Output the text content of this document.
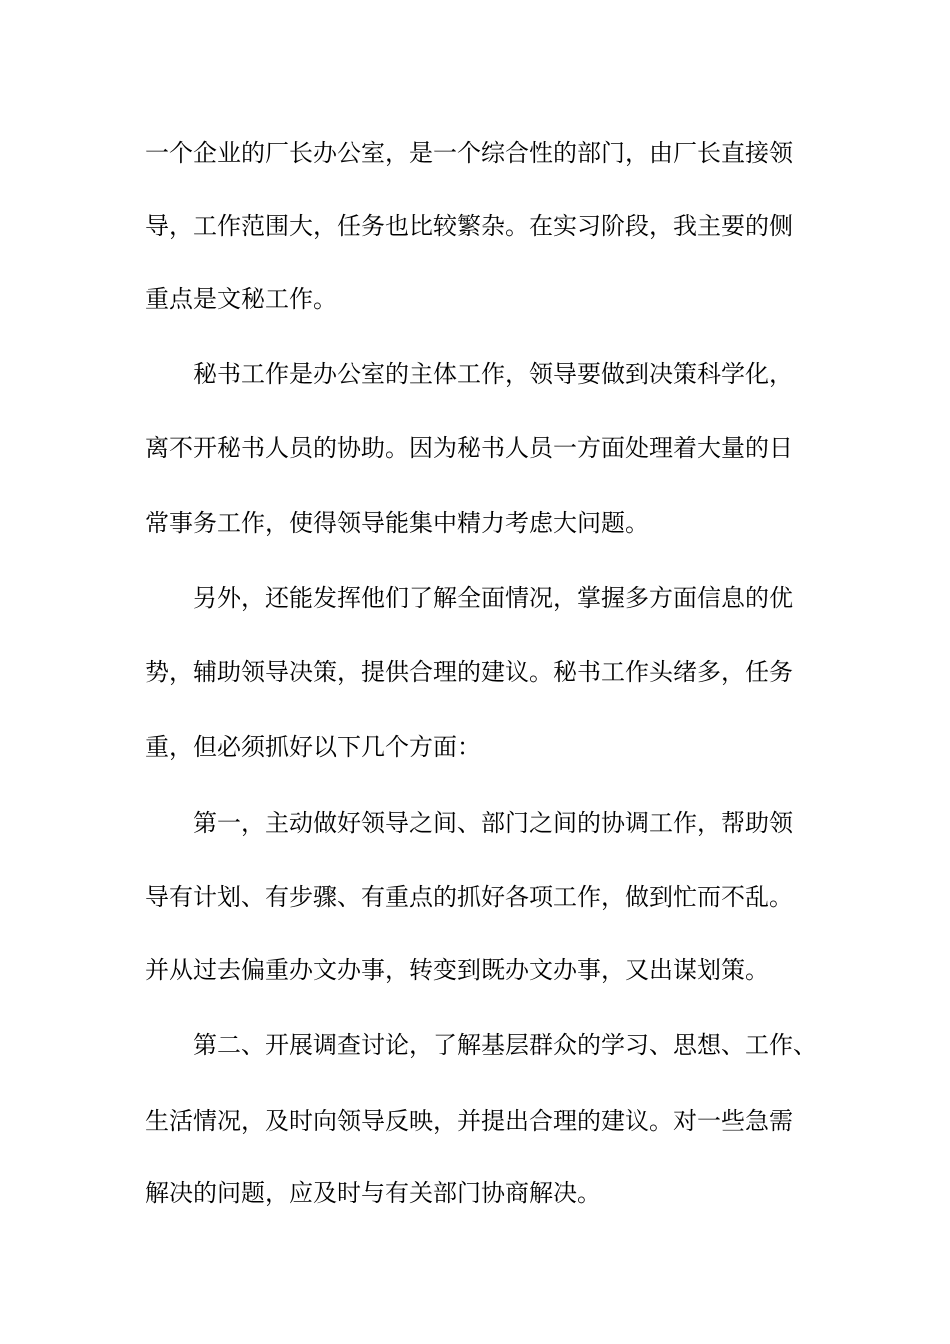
一个企业的厂长办公室，是一个综合性的部门，由厂长直接领
导，工作范围大，任务也比较繁杂。在实习阶段，我主要的侧
重点是文秘工作。
秘书工作是办公室的主体工作，领导要做到决策科学化，
离不开秘书人员的协助。因为秘书人员一方面处理着大量的日
常事务工作，使得领导能集中精力考虑大问题。
另外，还能发挥他们了解全面情况，掌握多方面信息的优
势，辅助领导决策，提供合理的建议。秘书工作头绪多，任务
重，但必须抓好以下几个方面：
第一，主动做好领导之间、部门之间的协调工作，帮助领
导有计划、有步骤、有重点的抓好各项工作，做到忙而不乱。
并从过去偏重办文办事，转变到既办文办事，又出谋划策。
第二、开展调查讨论，了解基层群众的学习、思想、工作、
生活情况，及时向领导反映，并提出合理的建议。对一些急需
解决的问题，应及时与有关部门协商解决。
